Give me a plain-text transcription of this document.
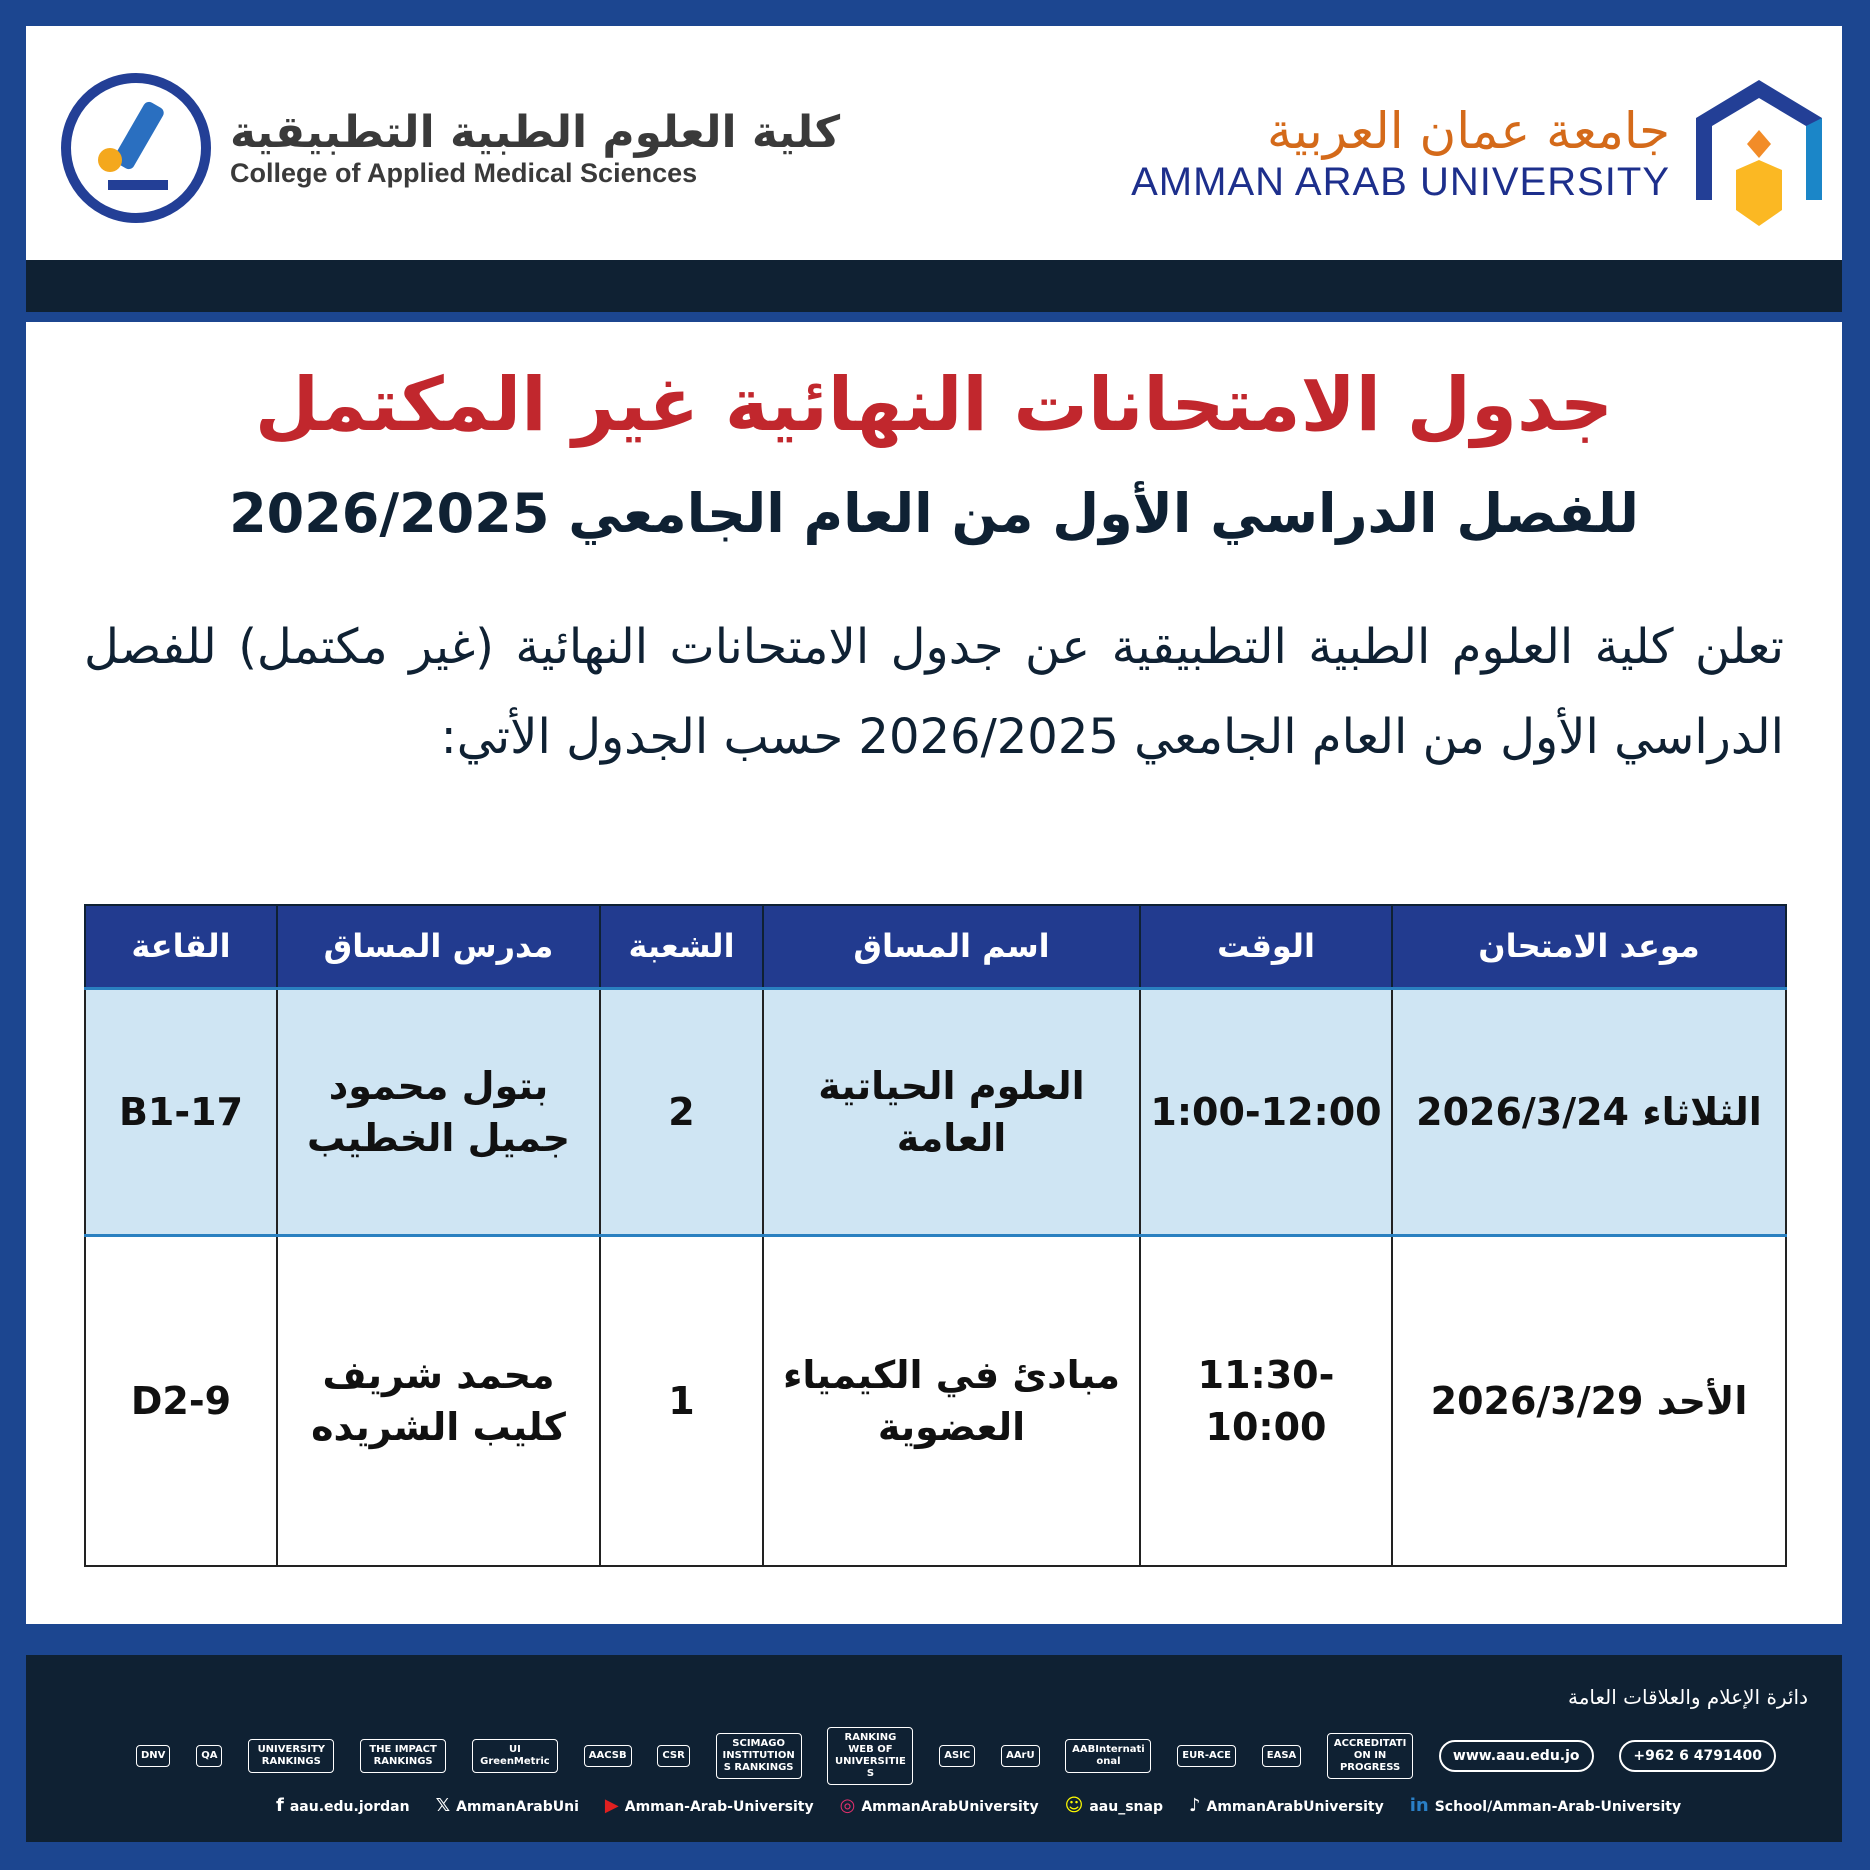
كلية العلوم الطبية التطبيقية
College of Applied Medical Sciences
جامعة عمان العربية
AMMAN ARAB UNIVERSITY
جدول الامتحانات النهائية غير المكتمل
للفصل الدراسي الأول من العام الجامعي 2026/2025
تعلن كلية العلوم الطبية التطبيقية عن جدول الامتحانات النهائية (غير مكتمل) للفصل الدراسي الأول من العام الجامعي 2026/2025 حسب الجدول الأتي:
موعد الامتحان	الوقت	اسم المساق	الشعبة	مدرس المساق	القاعة
الثلاثاء 2026/3/24	1:00-12:00	العلوم الحياتية العامة	2	بتول محمود جميل الخطيب	B1-17
الأحد 2026/3/29	11:30-10:00	مبادئ في الكيمياء العضوية	1	محمد شريف كليب الشريده	D2-9
دائرة الإعلام والعلاقات العامة
DNV	QA
UNIVERSITY RANKINGS
THE IMPACT RANKINGS
UI GreenMetric
AACSB	CSR
SCIMAGO INSTITUTIONS RANKINGS
RANKING WEB OF UNIVERSITIES
ASIC	AArU
AABInternational
EUR-ACE	EASA
ACCREDITATION IN PROGRESS
www.aau.edu.jo	+962 6 4791400
f aau.edu.jordan 𝕏 AmmanArabUni ▶ Amman-Arab-University ◎ AmmanArabUniversity ☺ aau_snap ♪ AmmanArabUniversity in School/Amman-Arab-University
